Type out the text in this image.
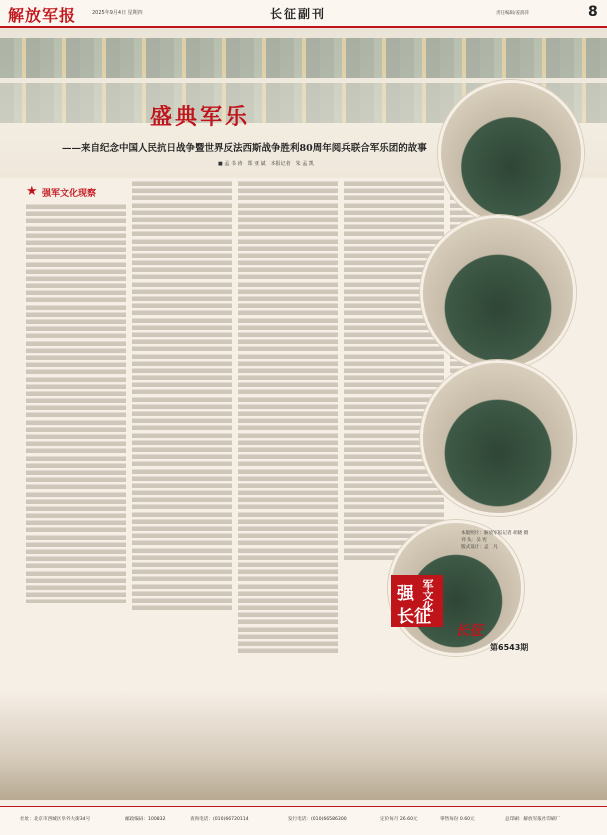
解放军报	2025年9月4日 星期四	长征副刊	责任编辑/姜润萍	8
盛典军乐
——来自纪念中国人民抗日战争暨世界反法西斯战争胜利80周年阅兵联合军乐团的故事
■ 孟 书 涛　郑 亚 斌　本报记者　朱 孟 凯
★ 强军文化现察
本版照片：解放军报记者 胡晓 摄
刊 头：吴 宪
版式设计：孟　凡
强 军文化
长征
长征
第6543期
社址：北京市西城区阜外大街34号	邮政编码：100832	查询电话：(010)66720114	发行电话：(010)66586300	定价每月 26.60元	零售每份 0.60元	总印刷：解放军报社印刷厂
